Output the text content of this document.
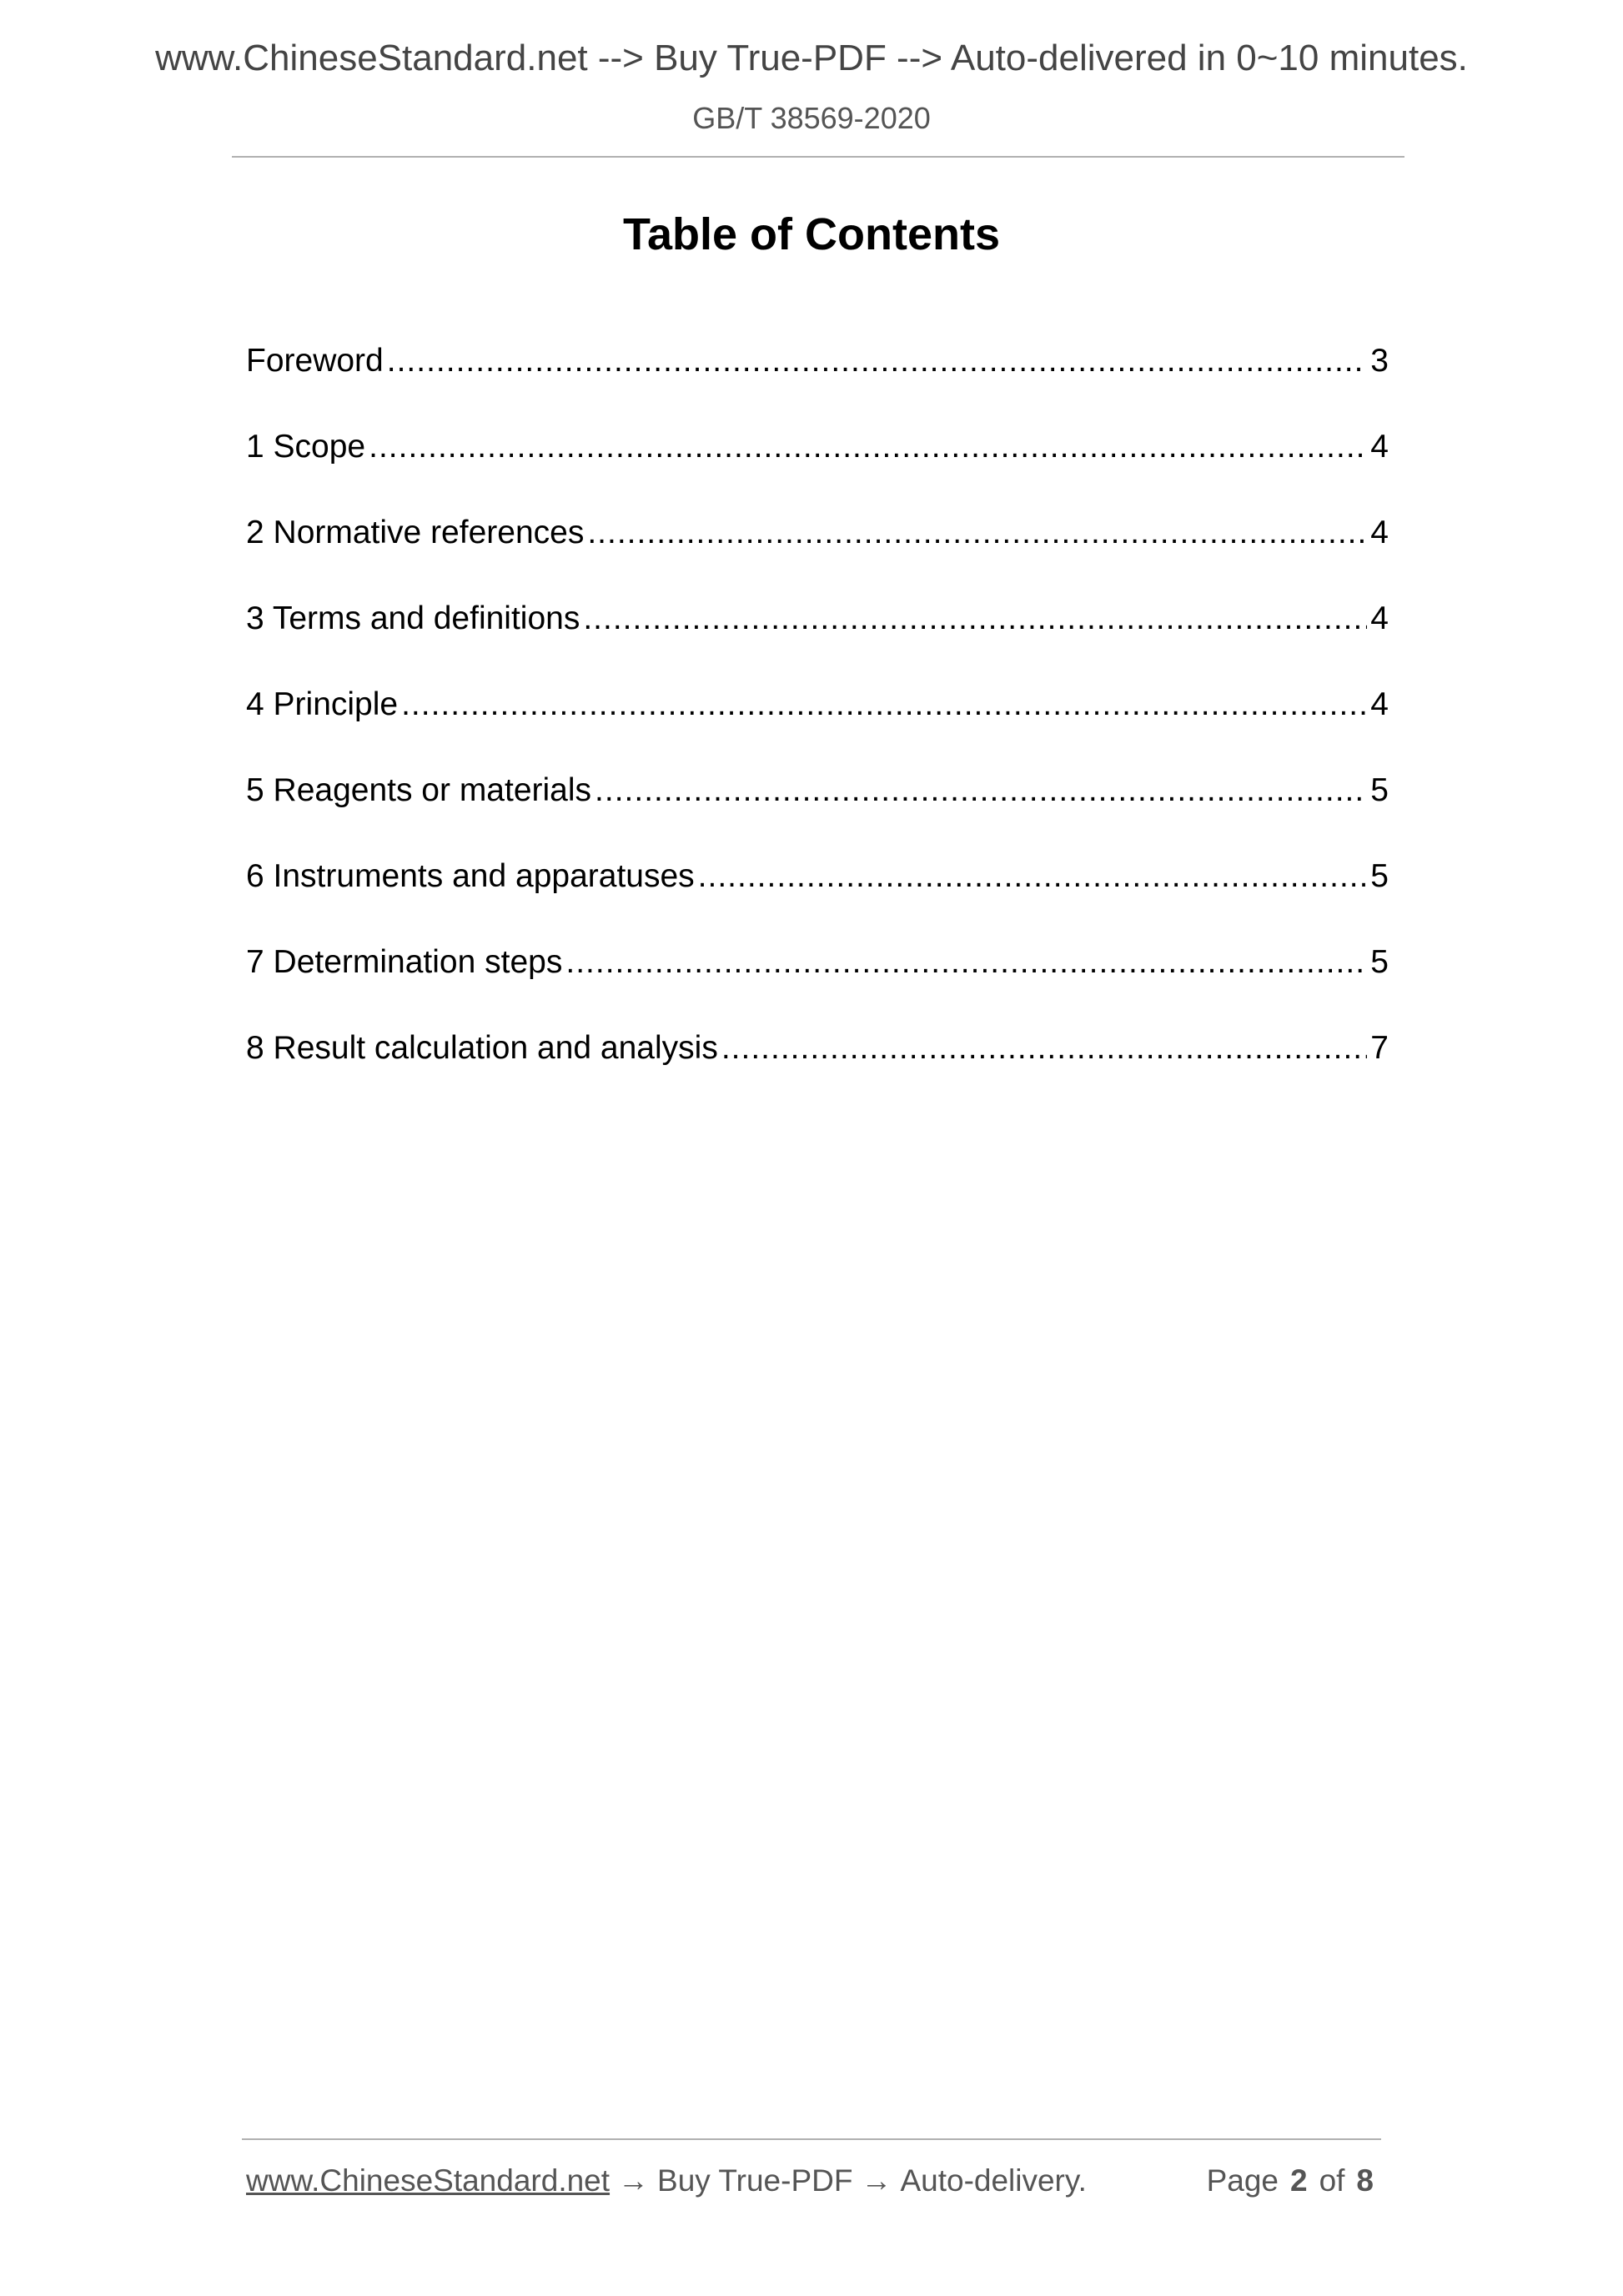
www.ChineseStandard.net --> Buy True-PDF --> Auto-delivered in 0~10 minutes.
GB/T 38569-2020
Table of Contents
Foreword .....	3
1 Scope .....	4
2 Normative references .....	4
3 Terms and definitions .....	4
4 Principle .....	4
5 Reagents or materials .....	5
6 Instruments and apparatuses .....	5
7 Determination steps .....	5
8 Result calculation and analysis .....	7
www.ChineseStandard.net → Buy True-PDF → Auto-delivery.	Page 2 of 8
